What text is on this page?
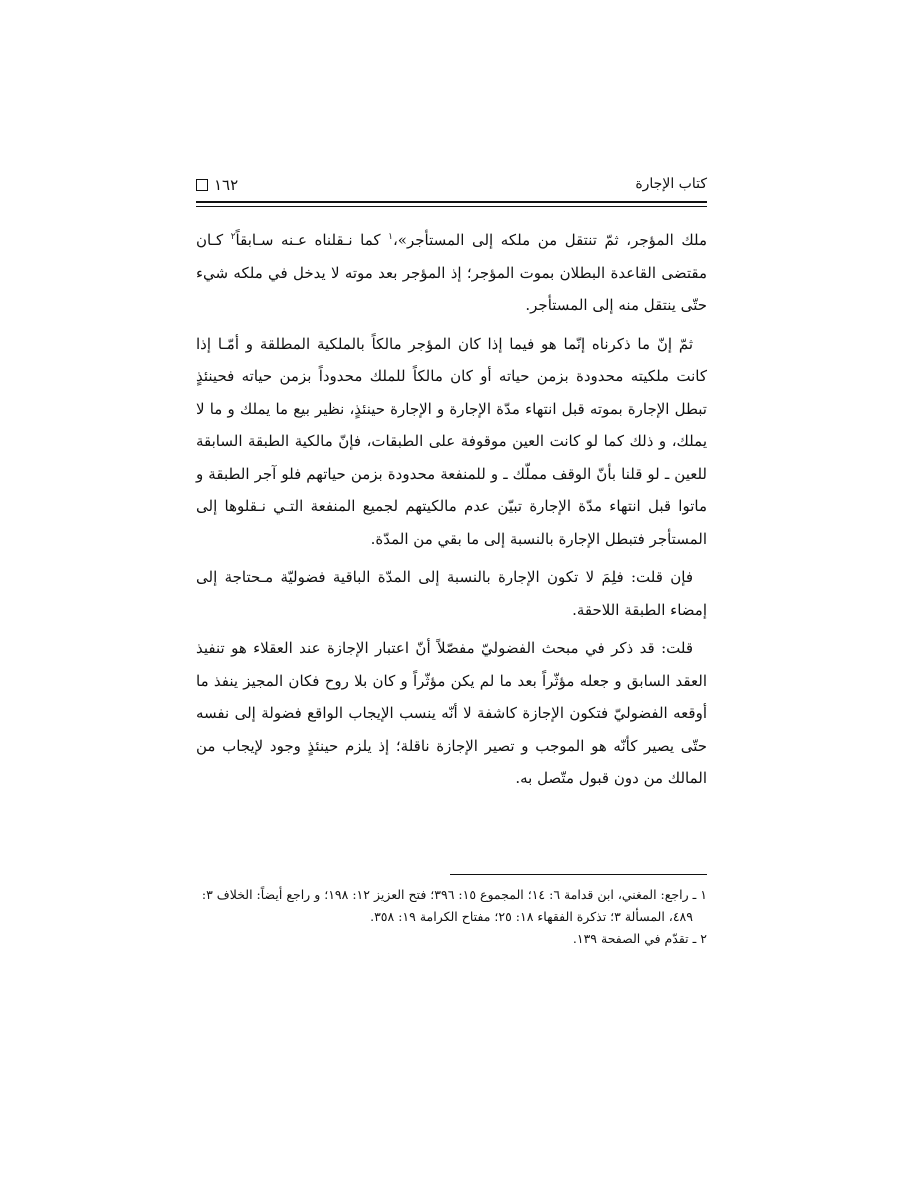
كتاب الإجارة
١٦٢

ملك المؤجر، ثمّ تنتقل من ملكه إلى المستأجر»،$^١$ كما نـقلناه عـنه سـابقاً$^٢$ كـان مقتضى القاعدة البطلان بموت المؤجر؛ إذ المؤجر بعد موته لا يدخل في ملكه شيء حتّى ينتقل منه إلى المستأجر.

ثمّ إنّ ما ذكرناه إنّما هو فيما إذا كان المؤجر مالكاً بالملكية المطلقة و أمّـا إذا كانت ملكيته محدودة بزمن حياته أو كان مالكاً للملك محدوداً بزمن حياته فحينئذٍ تبطل الإجارة بموته قبل انتهاء مدّة الإجارة و الإجارة حينئذٍ، نظير بيع ما يملك و ما لا يملك، و ذلك كما لو كانت العين موقوفة على الطبقات، فإنّ مالكية الطبقة السابقة للعين ـ لو قلنا بأنّ الوقف مملّك ـ و للمنفعة محدودة بزمن حياتهم فلو آجر الطبقة و ماتوا قبل انتهاء مدّة الإجارة تبيّن عدم مالكيتهم لجميع المنفعة التـي نـقلوها إلى المستأجر فتبطل الإجارة بالنسبة إلى ما بقي من المدّة.

فإن قلت: فلِمَ لا تكون الإجارة بالنسبة إلى المدّة الباقية فضوليّة مـحتاجة إلى إمضاء الطبقة اللاحقة.

قلت: قد ذكر في مبحث الفضوليّ مفصّلاً أنّ اعتبار الإجازة عند العقلاء هو تنفيذ العقد السابق و جعله مؤثّراً بعد ما لم يكن مؤثّراً و كان بلا روح فكان المجيز ينفذ ما أوقعه الفضوليّ فتكون الإجازة كاشفة لا أنّه ينسب الإيجاب الواقع فضولة إلى نفسه حتّى يصير كأنّه هو الموجب و تصير الإجازة ناقلة؛ إذ يلزم حينئذٍ وجود لإيجاب من المالك من دون قبول متّصل به.

١ ـ راجع: المغني، ابن قدامة ٦: ١٤؛ المجموع ١٥: ٣٩٦؛ فتح العزيز ١٢: ١٩٨؛ و راجع أيضاً: الخلاف ٣:
٤٨٩، المسألة ٣؛ تذكرة الفقهاء ١٨: ٢٥؛ مفتاح الكرامة ١٩: ٣٥٨.

٢ ـ تقدّم في الصفحة ١٣٩.
